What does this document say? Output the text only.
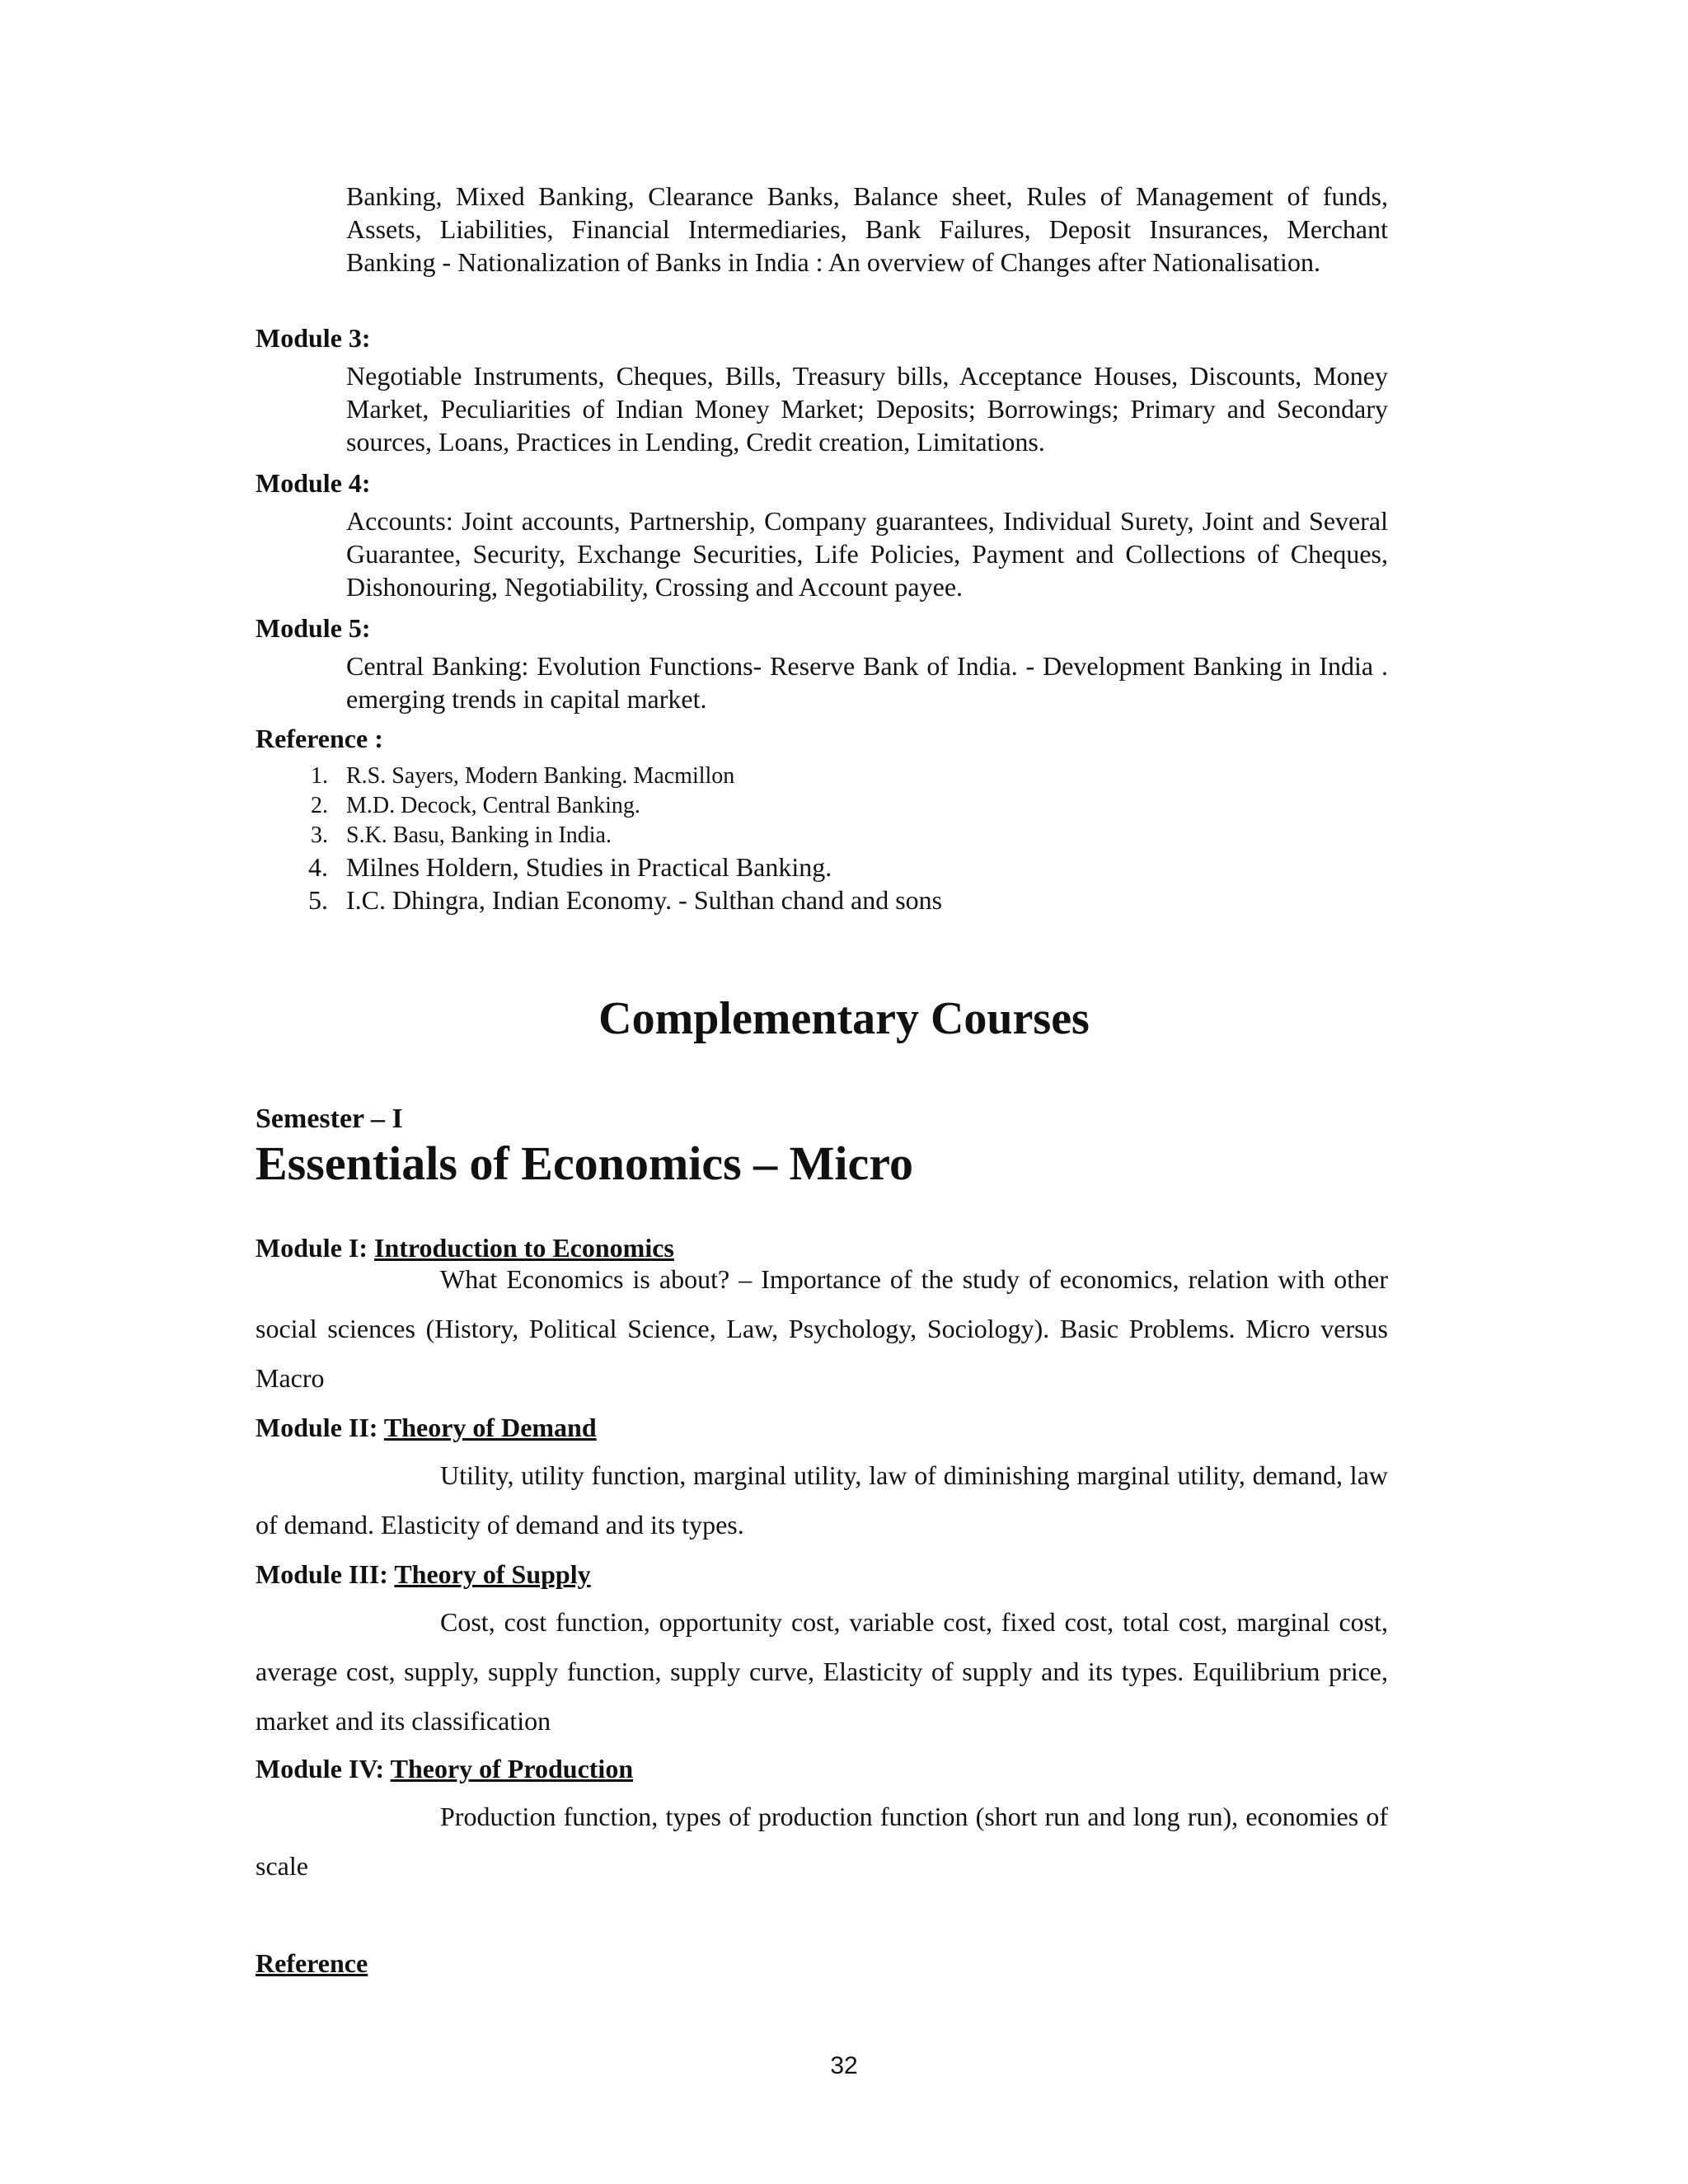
Banking, Mixed Banking, Clearance Banks, Balance sheet, Rules of Management of funds, Assets, Liabilities, Financial Intermediaries, Bank Failures, Deposit Insurances, Merchant Banking - Nationalization of Banks in India : An overview of Changes after Nationalisation.
Module 3:
Negotiable Instruments, Cheques, Bills, Treasury bills, Acceptance Houses, Discounts, Money Market, Peculiarities of Indian Money Market; Deposits; Borrowings; Primary and Secondary sources, Loans, Practices in Lending, Credit creation, Limitations.
Module 4:
Accounts: Joint accounts, Partnership, Company guarantees, Individual Surety, Joint and Several Guarantee, Security, Exchange Securities, Life Policies, Payment and Collections of Cheques, Dishonouring, Negotiability, Crossing and Account payee.
Module 5:
Central Banking: Evolution Functions- Reserve Bank of India. - Development Banking in India . emerging trends in capital market.
Reference :
1. R.S. Sayers, Modern Banking. Macmillon
2. M.D. Decock, Central Banking.
3. S.K. Basu, Banking in India.
4. Milnes Holdern, Studies in Practical Banking.
5. I.C. Dhingra, Indian Economy. - Sulthan chand and sons
Complementary Courses
Semester – I
Essentials of Economics – Micro
Module I: Introduction to Economics
What Economics is about? – Importance of the study of economics, relation with other social sciences (History, Political Science, Law, Psychology, Sociology). Basic Problems. Micro versus Macro
Module II: Theory of Demand
Utility, utility function, marginal utility, law of diminishing marginal utility, demand, law of demand. Elasticity of demand and its types.
Module III: Theory of Supply
Cost, cost function, opportunity cost, variable cost, fixed cost, total cost, marginal cost, average cost, supply, supply function, supply curve, Elasticity of supply and its types. Equilibrium price, market and its classification
Module IV: Theory of Production
Production function, types of production function (short run and long run), economies of scale
Reference
32
